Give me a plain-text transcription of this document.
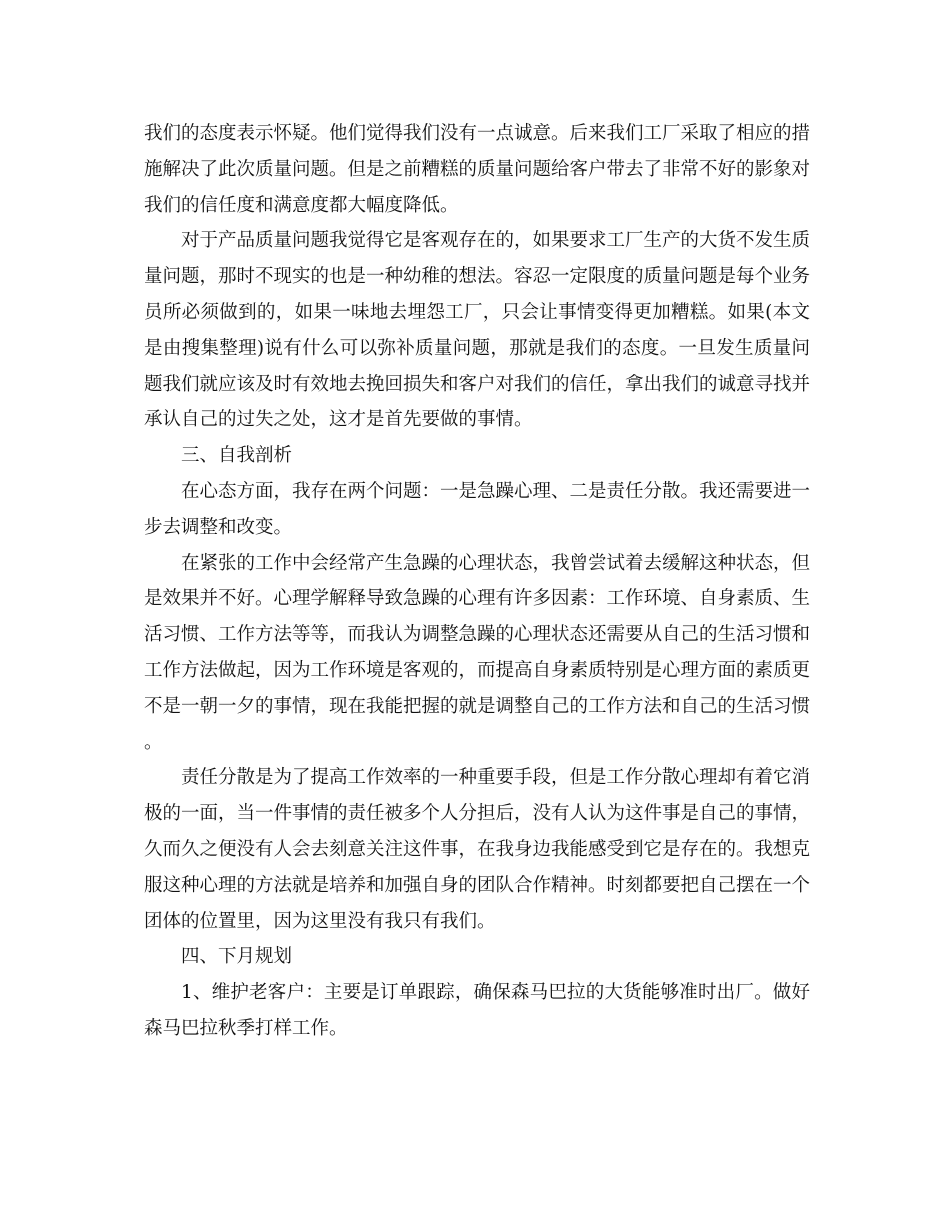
我们的态度表示怀疑。他们觉得我们没有一点诚意。后来我们工厂采取了相应的措施解决了此次质量问题。但是之前糟糕的质量问题给客户带去了非常不好的影象对我们的信任度和满意度都大幅度降低。

对于产品质量问题我觉得它是客观存在的，如果要求工厂生产的大货不发生质量问题，那时不现实的也是一种幼稚的想法。容忍一定限度的质量问题是每个业务员所必须做到的，如果一味地去埋怨工厂，只会让事情变得更加糟糕。如果(本文是由搜集整理)说有什么可以弥补质量问题，那就是我们的态度。一旦发生质量问题我们就应该及时有效地去挽回损失和客户对我们的信任，拿出我们的诚意寻找并承认自己的过失之处，这才是首先要做的事情。

三、自我剖析

在心态方面，我存在两个问题：一是急躁心理、二是责任分散。我还需要进一步去调整和改变。

在紧张的工作中会经常产生急躁的心理状态，我曾尝试着去缓解这种状态，但是效果并不好。心理学解释导致急躁的心理有许多因素：工作环境、自身素质、生活习惯、工作方法等等，而我认为调整急躁的心理状态还需要从自己的生活习惯和工作方法做起，因为工作环境是客观的，而提高自身素质特别是心理方面的素质更不是一朝一夕的事情，现在我能把握的就是调整自己的工作方法和自己的生活习惯。

责任分散是为了提高工作效率的一种重要手段，但是工作分散心理却有着它消极的一面，当一件事情的责任被多个人分担后，没有人认为这件事是自己的事情，久而久之便没有人会去刻意关注这件事，在我身边我能感受到它是存在的。我想克服这种心理的方法就是培养和加强自身的团队合作精神。时刻都要把自己摆在一个团体的位置里，因为这里没有我只有我们。

四、下月规划

1、维护老客户：主要是订单跟踪，确保森马巴拉的大货能够准时出厂。做好森马巴拉秋季打样工作。
